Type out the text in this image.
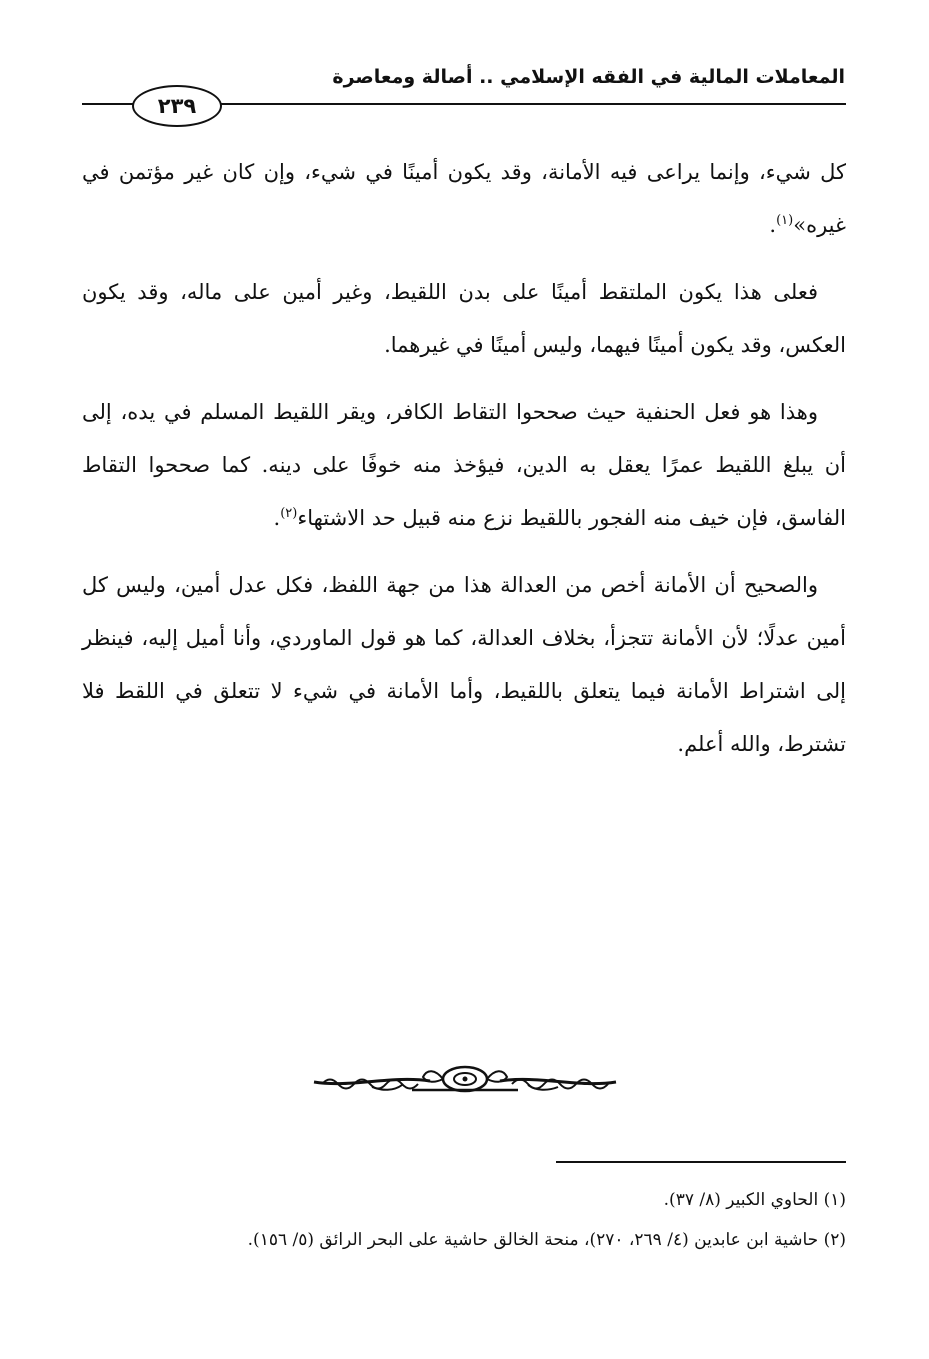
المعاملات المالية في الفقه الإسلامي .. أصالة ومعاصرة
٢٣٩

كل شيء، وإنما يراعى فيه الأمانة، وقد يكون أمينًا في شيء، وإن كان غير مؤتمن في غيره»$^{(١)}$.

فعلى هذا يكون الملتقط أمينًا على بدن اللقيط، وغير أمين على ماله، وقد يكون العكس، وقد يكون أمينًا فيهما، وليس أمينًا في غيرهما.

وهذا هو فعل الحنفية حيث صححوا التقاط الكافر، ويقر اللقيط المسلم في يده، إلى أن يبلغ اللقيط عمرًا يعقل به الدين، فيؤخذ منه خوفًا على دينه. كما صححوا التقاط الفاسق، فإن خيف منه الفجور باللقيط نزع منه قبيل حد الاشتهاء$^{(٢)}$.

والصحيح أن الأمانة أخص من العدالة هذا من جهة اللفظ، فكل عدل أمين، وليس كل أمين عدلًا؛ لأن الأمانة تتجزأ، بخلاف العدالة، كما هو قول الماوردي، وأنا أميل إليه، فينظر إلى اشتراط الأمانة فيما يتعلق باللقيط، وأما الأمانة في شيء لا تتعلق في اللقط فلا تشترط، والله أعلم.

(١) الحاوي الكبير (٨/ ٣٧).
(٢) حاشية ابن عابدين (٤/ ٢٦٩، ٢٧٠)، منحة الخالق حاشية على البحر الرائق (٥/ ١٥٦).
